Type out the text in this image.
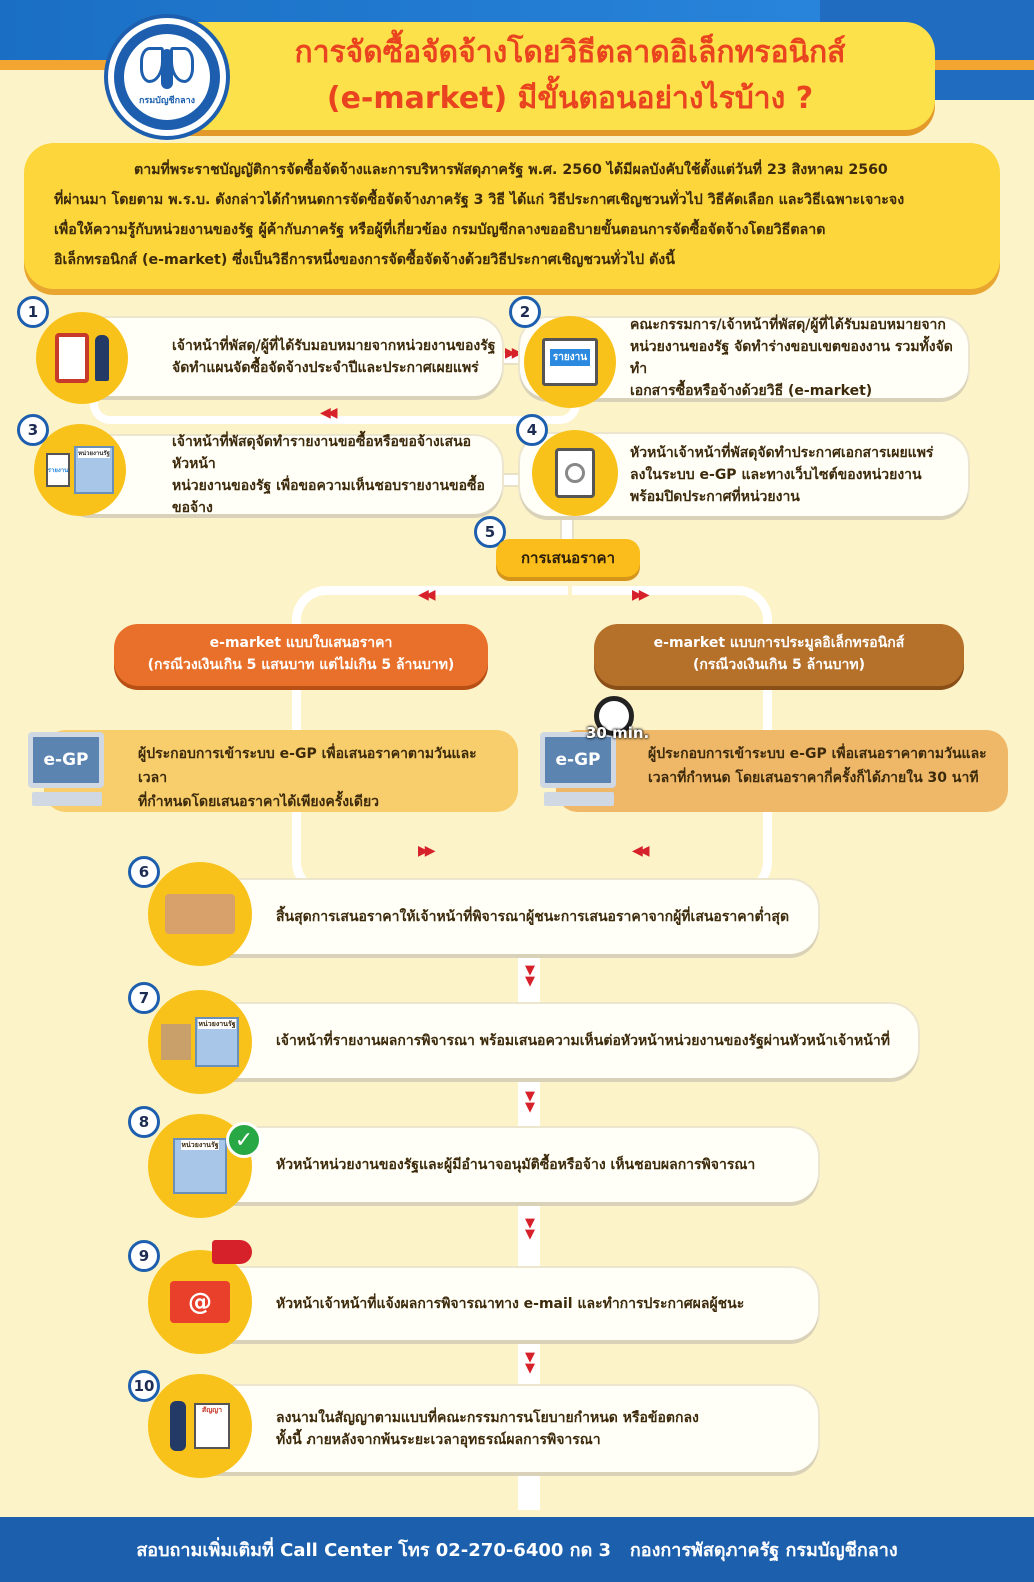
การจัดซื้อจัดจ้างโดยวิธีตลาดอิเล็กทรอนิกส์
(e-market) มีขั้นตอนอย่างไรบ้าง ?
กรมบัญชีกลาง
ตามที่พระราชบัญญัติการจัดซื้อจัดจ้างและการบริหารพัสดุภาครัฐ พ.ศ. 2560 ได้มีผลบังคับใช้ตั้งแต่วันที่ 23 สิงหาคม 2560
ที่ผ่านมา โดยตาม พ.ร.บ. ดังกล่าวได้กำหนดการจัดซื้อจัดจ้างภาครัฐ 3 วิธี ได้แก่ วิธีประกาศเชิญชวนทั่วไป วิธีคัดเลือก และวิธีเฉพาะเจาะจง
เพื่อให้ความรู้กับหน่วยงานของรัฐ ผู้ค้ากับภาครัฐ หรือผู้ที่เกี่ยวข้อง กรมบัญชีกลางขออธิบายขั้นตอนการจัดซื้อจัดจ้างโดยวิธีตลาด
อิเล็กทรอนิกส์ (e-market) ซึ่งเป็นวิธีการหนึ่งของการจัดซื้อจัดจ้างด้วยวิธีประกาศเชิญชวนทั่วไป ดังนี้
▶▶
◀◀
เจ้าหน้าที่พัสดุ/ผู้ที่ได้รับมอบหมายจากหน่วยงานของรัฐ
จัดทำแผนจัดซื้อจัดจ้างประจำปีและประกาศเผยแพร่
1
คณะกรรมการ/เจ้าหน้าที่พัสดุ/ผู้ที่ได้รับมอบหมายจาก
หน่วยงานของรัฐ จัดทำร่างขอบเขตของงาน รวมทั้งจัดทำ
เอกสารซื้อหรือจ้างด้วยวิธี (e-market)
รายงาน
2
เจ้าหน้าที่พัสดุจัดทำรายงานขอซื้อหรือขอจ้างเสนอหัวหน้า
หน่วยงานของรัฐ เพื่อขอความเห็นชอบรายงานขอซื้อขอจ้าง
รายงาน
หน่วยงานรัฐ
3
หัวหน้าเจ้าหน้าที่พัสดุจัดทำประกาศเอกสารเผยแพร่
ลงในระบบ e-GP และทางเว็บไซต์ของหน่วยงาน
พร้อมปิดประกาศที่หน่วยงาน
4
5
การเสนอราคา
◀◀	▶▶
▶▶	◀◀
e-market แบบใบเสนอราคา
(กรณีวงเงินเกิน 5 แสนบาท แต่ไม่เกิน 5 ล้านบาท)
ผู้ประกอบการเข้าระบบ e-GP เพื่อเสนอราคาตามวันและเวลา
ที่กำหนดโดยเสนอราคาได้เพียงครั้งเดียว
e-GP
e-market แบบการประมูลอิเล็กทรอนิกส์
(กรณีวงเงินเกิน 5 ล้านบาท)
ผู้ประกอบการเข้าระบบ e-GP เพื่อเสนอราคาตามวันและ
เวลาที่กำหนด โดยเสนอราคากี่ครั้งก็ได้ภายใน 30 นาที
e-GP
30 min.
สิ้นสุดการเสนอราคาให้เจ้าหน้าที่พิจารณาผู้ชนะการเสนอราคาจากผู้ที่เสนอราคาต่ำสุด
6
▼
▼
เจ้าหน้าที่รายงานผลการพิจารณา พร้อมเสนอความเห็นต่อหัวหน้าหน่วยงานของรัฐผ่านหัวหน้าเจ้าหน้าที่
หน่วยงานรัฐ
7
▼
▼
หัวหน้าหน่วยงานของรัฐและผู้มีอำนาจอนุมัติซื้อหรือจ้าง เห็นชอบผลการพิจารณา
หน่วยงานรัฐ ✓
8
▼
▼
หัวหน้าเจ้าหน้าที่แจ้งผลการพิจารณาทาง e-mail และทำการประกาศผลผู้ชนะ
@
9
▼
▼
ลงนามในสัญญาตามแบบที่คณะกรรมการนโยบายกำหนด หรือข้อตกลง
ทั้งนี้ ภายหลังจากพ้นระยะเวลาอุทธรณ์ผลการพิจารณา
สัญญา
10
สอบถามเพิ่มเติมที่ Call Center โทร 02-270-6400 กด 3   กองการพัสดุภาครัฐ กรมบัญชีกลาง
